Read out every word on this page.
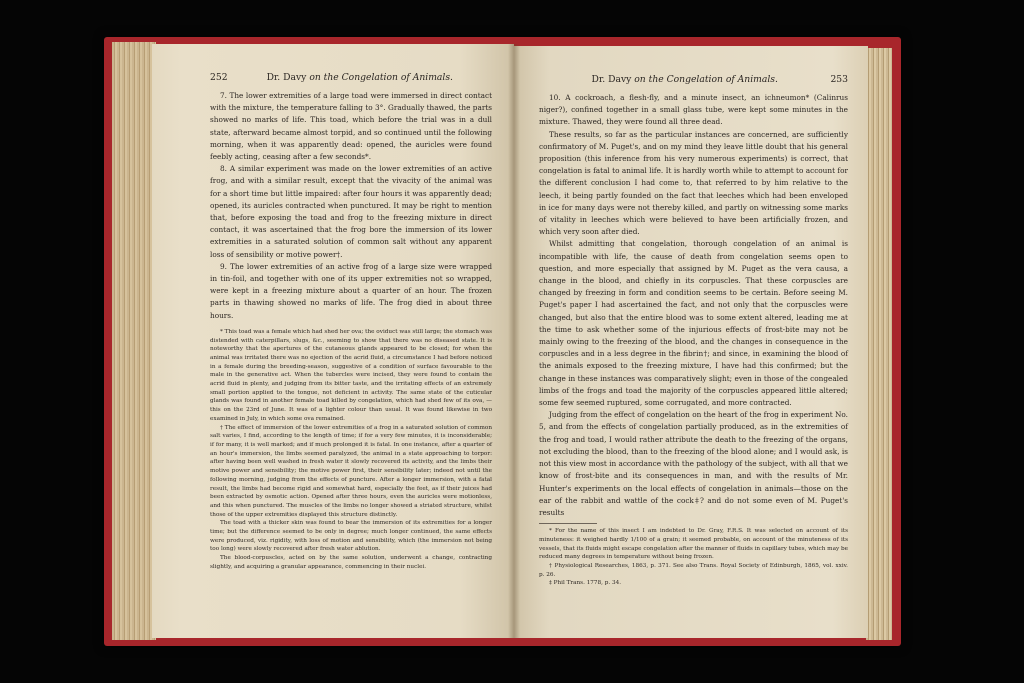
252	Dr. Davy on the Congelation of Animals.

7. The lower extremities of a large toad were immersed in direct contact with the mixture, the temperature falling to 3°. Gradually thawed, the parts showed no marks of life. This toad, which before the trial was in a dull state, afterward became almost torpid, and so continued until the following morning, when it was apparently dead: opened, the auricles were found feebly acting, ceasing after a few seconds*.

8. A similar experiment was made on the lower extremities of an active frog, and with a similar result, except that the vivacity of the animal was for a short time but little impaired: after four hours it was apparently dead; opened, its auricles contracted when punctured. It may be right to mention that, before exposing the toad and frog to the freezing mixture in direct contact, it was ascertained that the frog bore the immersion of its lower extremities in a saturated solution of common salt without any apparent loss of sensibility or motive power†.

9. The lower extremities of an active frog of a large size were wrapped in tin-foil, and together with one of its upper extremities not so wrapped, were kept in a freezing mixture about a quarter of an hour. The frozen parts in thawing showed no marks of life. The frog died in about three hours.

* This toad was a female which had shed her ova; the oviduct was still large; the stomach was distended with caterpillars, slugs, &c., seeming to show that there was no diseased state. It is noteworthy that the apertures of the cutaneous glands appeared to be closed; for when the animal was irritated there was no ejection of the acrid fluid, a circumstance I had before noticed in a female during the breeding-season, suggestive of a condition of surface favourable to the male in the generative act. When the tubercles were incised, they were found to contain the acrid fluid in plenty, and judging from its bitter taste, and the irritating effects of an extremely small portion applied to the tongue, not deficient in activity. The same state of the cuticular glands was found in another female toad killed by congelation, which had shed few of its ova, —this on the 23rd of June. It was of a lighter colour than usual. It was found likewise in two examined in July, in which some ova remained.

† The effect of immersion of the lower extremities of a frog in a saturated solution of common salt varies, I find, according to the length of time; if for a very few minutes, it is inconsiderable; if for many, it is well marked; and if much prolonged it is fatal. In one instance, after a quarter of an hour's immersion, the limbs seemed paralyzed, the animal in a state approaching to torpor: after having been well washed in fresh water it slowly recovered its activity, and the limbs their motive power and sensibility; the motive power first, their sensibility later; indeed not until the following morning, judging from the effects of puncture. After a longer immersion, with a fatal result, the limbs had become rigid and somewhat hard, especially the feet, as if their juices had been extracted by osmotic action. Opened after three hours, even the auricles were motionless, and this when punctured. The muscles of the limbs no longer showed a striated structure, whilst those of the upper extremities displayed this structure distinctly.

The toad with a thicker skin was found to bear the immersion of its extremities for a longer time; but the difference seemed to be only in degree; much longer continued, the same effects were produced, viz. rigidity, with loss of motion and sensibility, which (the immersion not being too long) were slowly recovered after fresh water ablution.

The blood-corpuscles, acted on by the same solution, underwent a change, contracting slightly, and acquiring a granular appearance, commencing in their nuclei.

Dr. Davy on the Congelation of Animals.	253

10. A cockroach, a flesh-fly, and a minute insect, an ichneumon* (Calinrus niger?), confined together in a small glass tube, were kept some minutes in the mixture. Thawed, they were found all three dead.

These results, so far as the particular instances are concerned, are sufficiently confirmatory of M. Puget's, and on my mind they leave little doubt that his general proposition (this inference from his very numerous experiments) is correct, that congelation is fatal to animal life. It is hardly worth while to attempt to account for the different conclusion I had come to, that referred to by him relative to the leech, it being partly founded on the fact that leeches which had been enveloped in ice for many days were not thereby killed, and partly on witnessing some marks of vitality in leeches which were believed to have been artificially frozen, and which very soon after died.

Whilst admitting that congelation, thorough congelation of an animal is incompatible with life, the cause of death from congelation seems open to question, and more especially that assigned by M. Puget as the vera causa, a change in the blood, and chiefly in its corpuscles. That these corpuscles are changed by freezing in form and condition seems to be certain. Before seeing M. Puget's paper I had ascertained the fact, and not only that the corpuscles were changed, but also that the entire blood was to some extent altered, leading me at the time to ask whether some of the injurious effects of frost-bite may not be mainly owing to the freezing of the blood, and the changes in consequence in the corpuscles and in a less degree in the fibrin†; and since, in examining the blood of the animals exposed to the freezing mixture, I have had this confirmed; but the change in these instances was comparatively slight; even in those of the congealed limbs of the frogs and toad the majority of the corpuscles appeared little altered; some few seemed ruptured, some corrugated, and more contracted.

Judging from the effect of congelation on the heart of the frog in experiment No. 5, and from the effects of congelation partially produced, as in the extremities of the frog and toad, I would rather attribute the death to the freezing of the organs, not excluding the blood, than to the freezing of the blood alone; and I would ask, is not this view most in accordance with the pathology of the subject, with all that we know of frost-bite and its consequences in man, and with the results of Mr. Hunter's experiments on the local effects of congelation in animals—those on the ear of the rabbit and wattle of the cock‡? and do not some even of M. Puget's results

* For the name of this insect I am indebted to Dr. Gray, F.R.S. It was selected on account of its minuteness: it weighed hardly 1/100 of a grain; it seemed probable, on account of the minuteness of its vessels, that its fluids might escape congelation after the manner of fluids in capillary tubes, which may be reduced many degrees in temperature without being frozen.

† Physiological Researches, 1863, p. 371. See also Trans. Royal Society of Edinburgh, 1865, vol. xxiv. p. 26.

‡ Phil Trans. 1778, p. 34.
